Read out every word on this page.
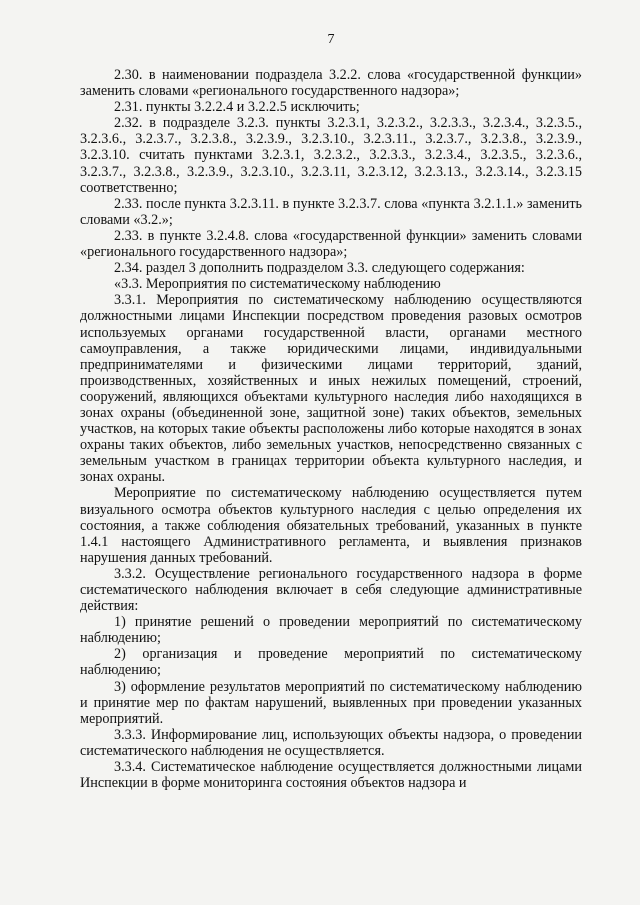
7

2.30. в наименовании подраздела 3.2.2. слова «государственной функции» заменить словами «регионального государственного надзора»;

2.31. пункты 3.2.2.4 и 3.2.2.5 исключить;

2.32. в подразделе 3.2.3. пункты 3.2.3.1, 3.2.3.2., 3.2.3.3., 3.2.3.4., 3.2.3.5., 3.2.3.6., 3.2.3.7., 3.2.3.8., 3.2.3.9., 3.2.3.10., 3.2.3.11., 3.2.3.7., 3.2.3.8., 3.2.3.9., 3.2.3.10. считать пунктами 3.2.3.1, 3.2.3.2., 3.2.3.3., 3.2.3.4., 3.2.3.5., 3.2.3.6., 3.2.3.7., 3.2.3.8., 3.2.3.9., 3.2.3.10., 3.2.3.11, 3.2.3.12, 3.2.3.13., 3.2.3.14., 3.2.3.15 соответственно;

2.33. после пункта 3.2.3.11. в пункте 3.2.3.7. слова «пункта 3.2.1.1.» заменить словами «3.2.»;

2.33. в пункте 3.2.4.8. слова «государственной функции» заменить словами «регионального государственного надзора»;

2.34. раздел 3 дополнить подразделом 3.3. следующего содержания:

«3.3. Мероприятия по систематическому наблюдению

3.3.1. Мероприятия по систематическому наблюдению осуществляются должностными лицами Инспекции посредством проведения разовых осмотров используемых органами государственной власти, органами местного самоуправления, а также юридическими лицами, индивидуальными предпринимателями и физическими лицами территорий, зданий, производственных, хозяйственных и иных нежилых помещений, строений, сооружений, являющихся объектами культурного наследия либо находящихся в зонах охраны (объединенной зоне, защитной зоне) таких объектов, земельных участков, на которых такие объекты расположены либо которые находятся в зонах охраны таких объектов, либо земельных участков, непосредственно связанных с земельным участком в границах территории объекта культурного наследия, и зонах охраны.

Мероприятие по систематическому наблюдению осуществляется путем визуального осмотра объектов культурного наследия с целью определения их состояния, а также соблюдения обязательных требований, указанных в пункте 1.4.1 настоящего Административного регламента, и выявления признаков нарушения данных требований.

3.3.2. Осуществление регионального государственного надзора в форме систематического наблюдения включает в себя следующие административные действия:

1) принятие решений о проведении мероприятий по систематическому наблюдению;

2) организация и проведение мероприятий по систематическому наблюдению;

3) оформление результатов мероприятий по систематическому наблюдению и принятие мер по фактам нарушений, выявленных при проведении указанных мероприятий.

3.3.3. Информирование лиц, использующих объекты надзора, о проведении систематического наблюдения не осуществляется.

3.3.4. Систематическое наблюдение осуществляется должностными лицами Инспекции в форме мониторинга состояния объектов надзора и
